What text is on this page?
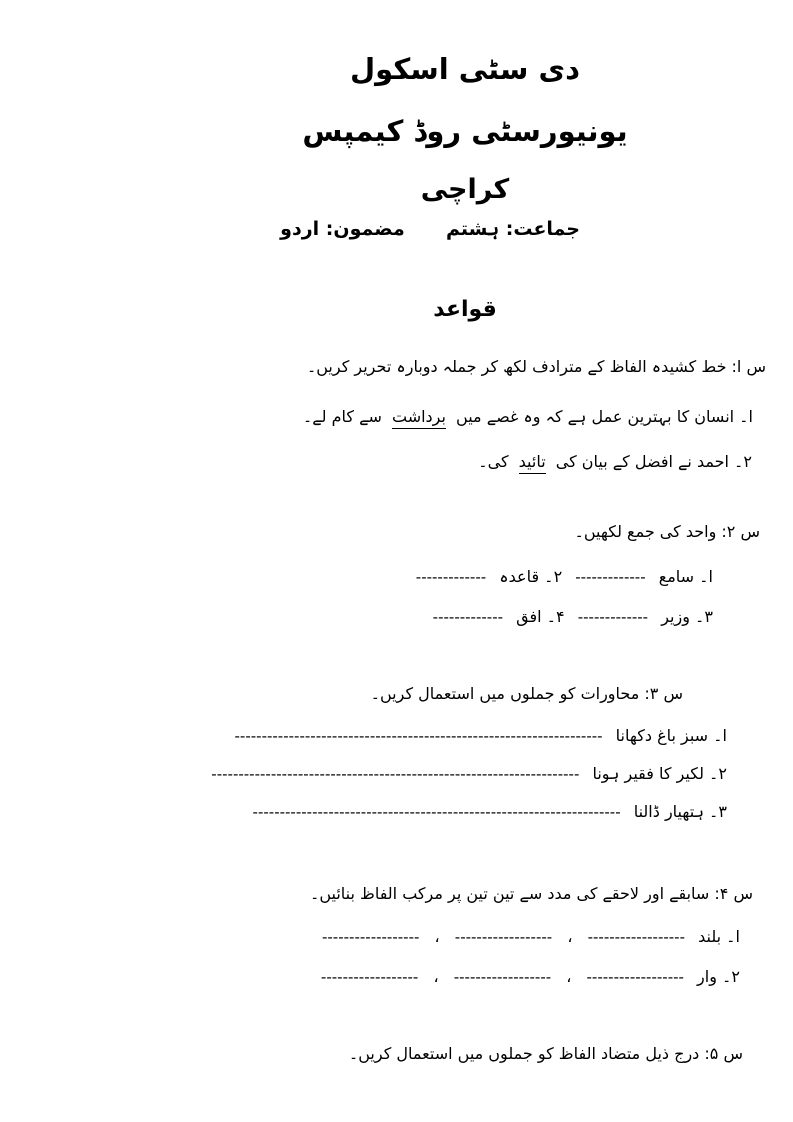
دی سٹی اسکول
یونیورسٹی روڈ کیمپس
کراچی
جماعت: ہشتم  مضمون: اردو
قواعد
س ا: خط کشیدہ الفاظ کے مترادف لکھ کر جملہ دوبارہ تحریر کریں۔
ا۔ انسان کا بہترین عمل ہے کہ وہ غصے میں برداشت سے کام لے۔
۲۔ احمد نے افضل کے بیان کی تائید کی۔
س ۲: واحد کی جمع لکھیں۔
ا۔ سامع ------------- ۲۔ قاعدہ -------------
۳۔ وزیر ------------- ۴۔ افق -------------
س ۳: محاورات کو جملوں میں استعمال کریں۔
ا۔ سبز باغ دکھانا --------------------------------------------------------------------
۲۔ لکیر کا فقیر ہونا --------------------------------------------------------------------
۳۔ ہتھیار ڈالنا --------------------------------------------------------------------
س ۴: سابقے اور لاحقے کی مدد سے تین تین پر مرکب الفاظ بنائیں۔
ا۔ بلند ------------------ ، ------------------ ، ------------------
۲۔ وار ------------------ ، ------------------ ، ------------------
س ۵: درج ذیل متضاد الفاظ کو جملوں میں استعمال کریں۔
